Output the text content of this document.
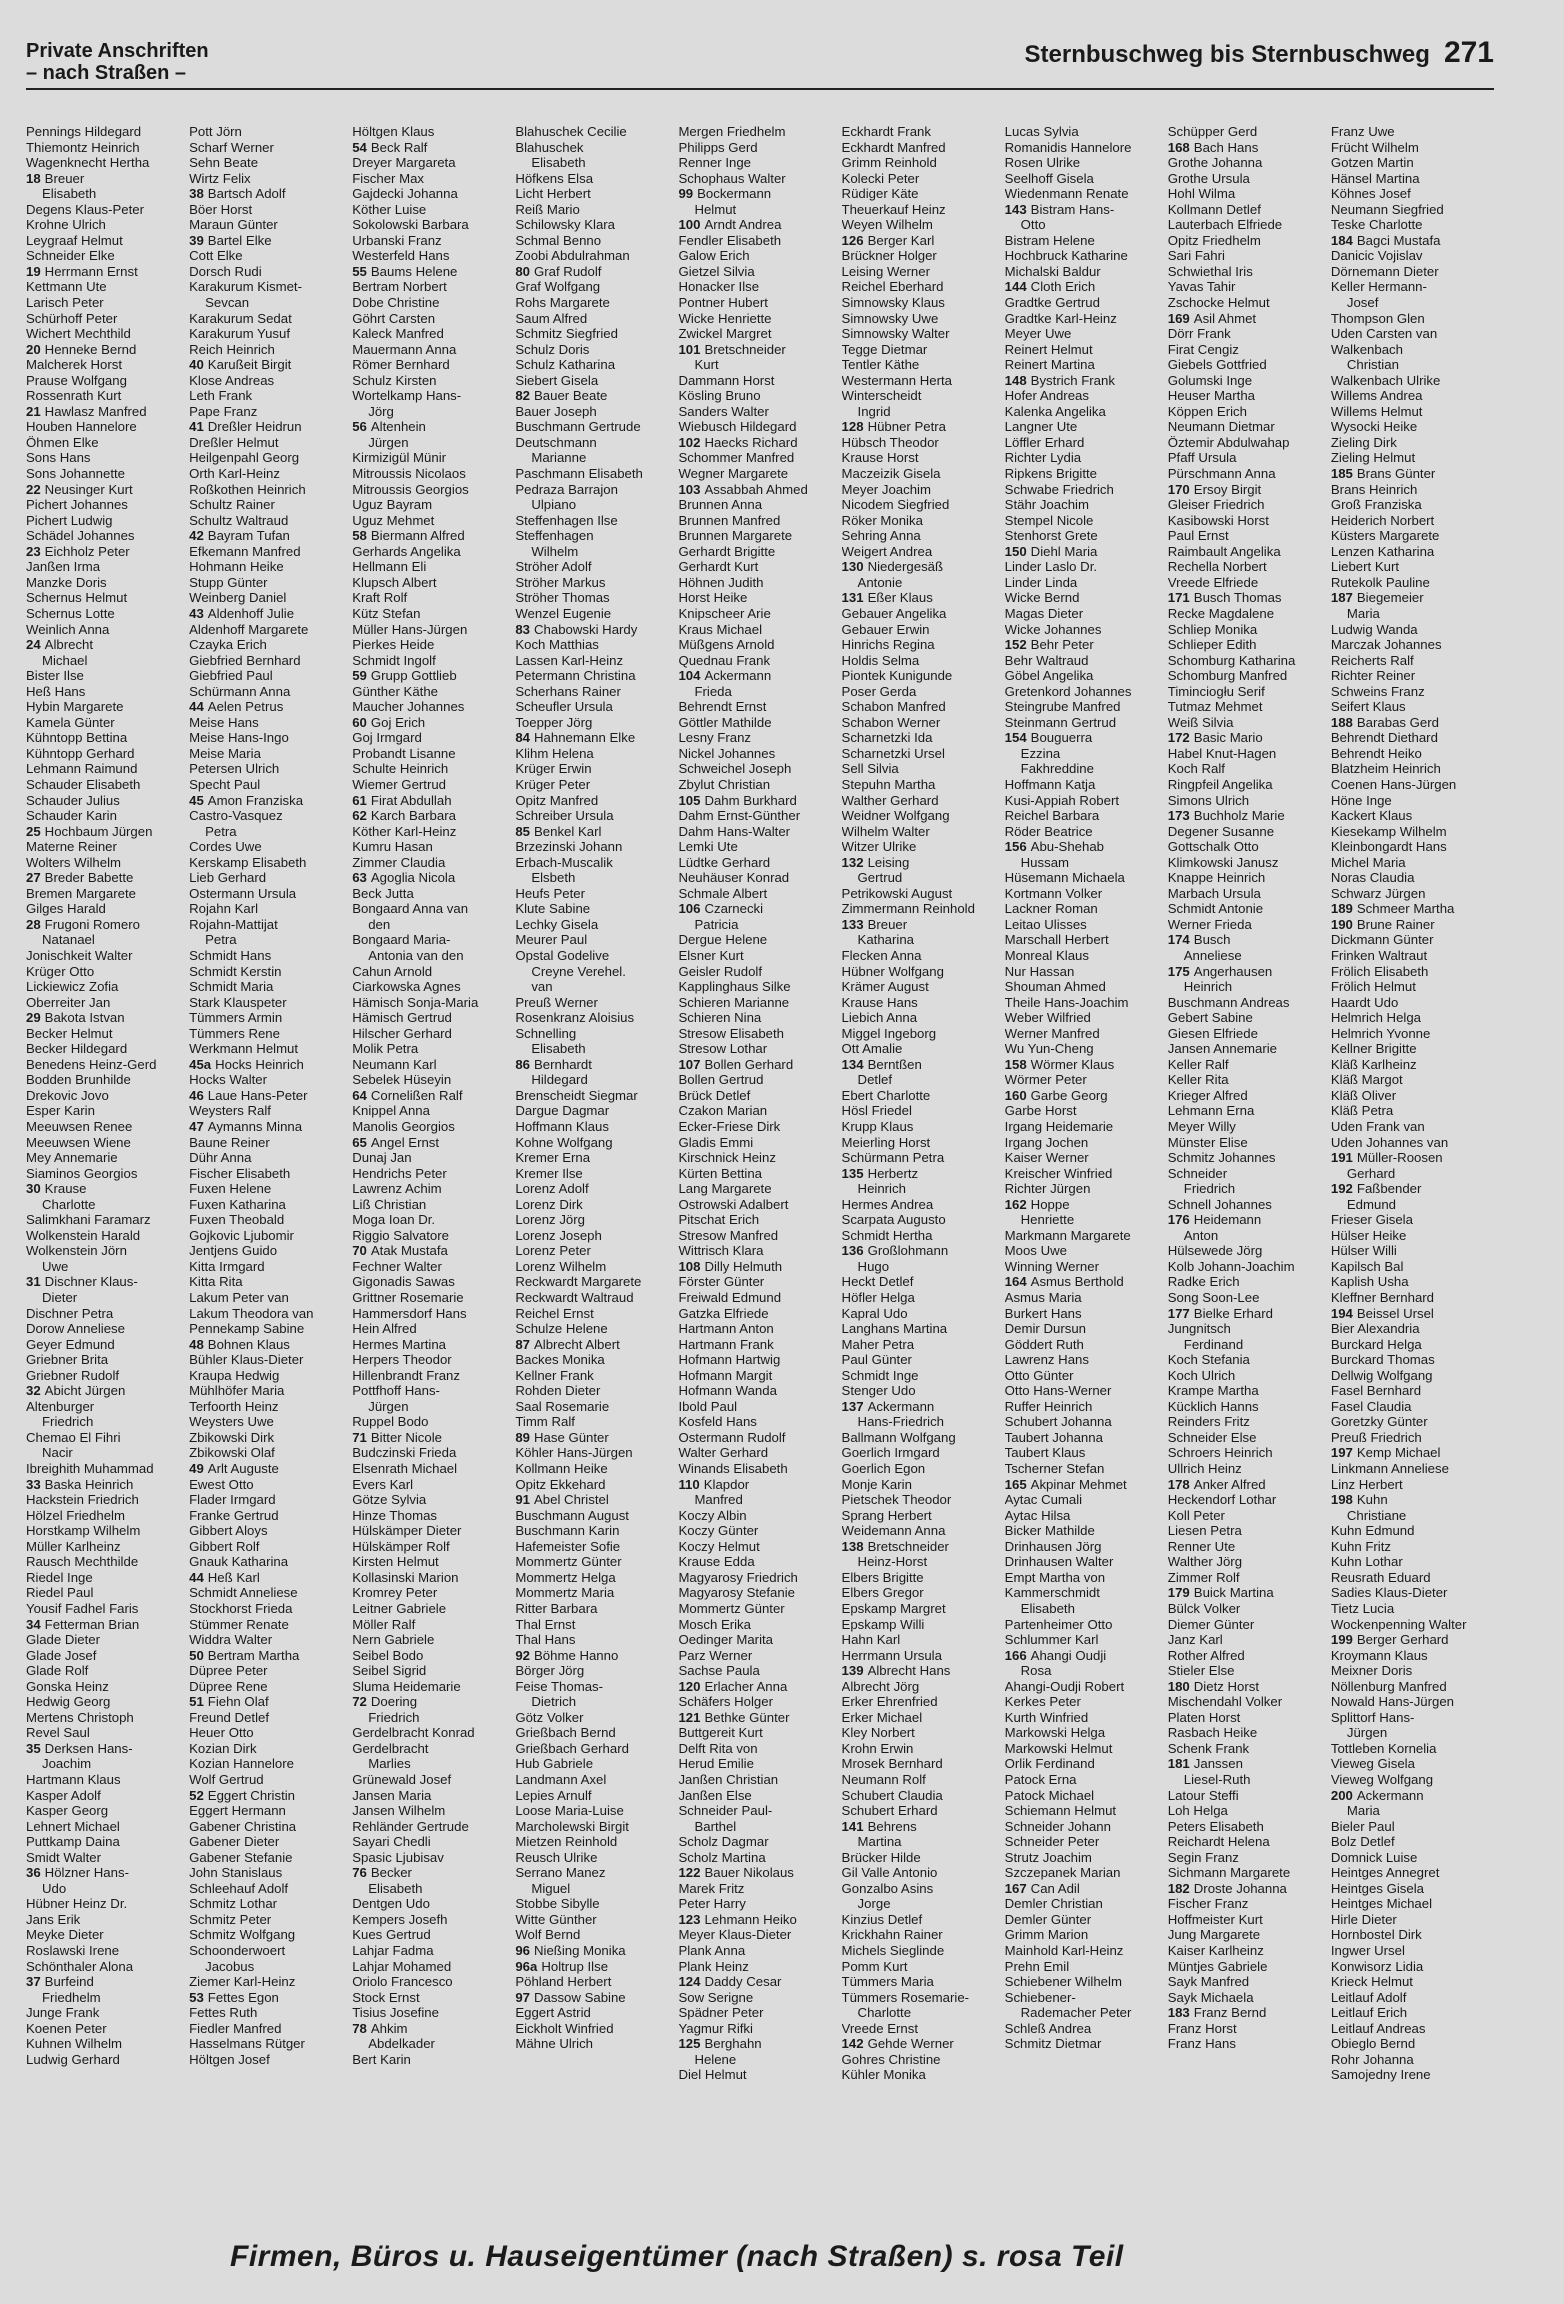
Private Anschriften
– nach Straßen –
Sternbuschweg bis Sternbuschweg 271
Pennings Hildegard
Thiemontz Heinrich
Wagenknecht Hertha
18 Breuer
Elisabeth
Degens Klaus-Peter
Krohne Ulrich
Leygraaf Helmut
Schneider Elke
19 Herrmann Ernst
Kettmann Ute
Larisch Peter
Schürhoff Peter
Wichert Mechthild
20 Henneke Bernd
Malcherek Horst
Prause Wolfgang
Rossenrath Kurt
21 Hawlasz Manfred
Houben Hannelore
Öhmen Elke
Sons Hans
Sons Johannette
22 Neusinger Kurt
Pichert Johannes
Pichert Ludwig
Schädel Johannes
23 Eichholz Peter
Janßen Irma
Manzke Doris
Schernus Helmut
Schernus Lotte
Weinlich Anna
24 Albrecht
Michael
Bister Ilse
Heß Hans
Hybin Margarete
Kamela Günter
Kühntopp Bettina
Kühntopp Gerhard
Lehmann Raimund
Schauder Elisabeth
Schauder Julius
Schauder Karin
25 Hochbaum Jürgen
Materne Reiner
Wolters Wilhelm
27 Breder Babette
Bremen Margarete
Gilges Harald
28 Frugoni Romero
Natanael
Jonischkeit Walter
Krüger Otto
Lickiewicz Zofia
Oberreiter Jan
29 Bakota Istvan
Becker Helmut
Becker Hildegard
Benedens Heinz-Gerd
Bodden Brunhilde
Drekovic Jovo
Esper Karin
Meeuwsen Renee
Meeuwsen Wiene
Mey Annemarie
Siaminos Georgios
30 Krause
Charlotte
Salimkhani Faramarz
Wolkenstein Harald
Wolkenstein Jörn
Uwe
31 Dischner Klaus-
Dieter
Dischner Petra
Dorow Anneliese
Geyer Edmund
Griebner Brita
Griebner Rudolf
32 Abicht Jürgen
Altenburger
Friedrich
Chemao El Fihri
Nacir
Ibreighith Muhammad
33 Baska Heinrich
Hackstein Friedrich
Hölzel Friedhelm
Horstkamp Wilhelm
Müller Karlheinz
Rausch Mechthilde
Riedel Inge
Riedel Paul
Yousif Fadhel Faris
34 Fetterman Brian
Glade Dieter
Glade Josef
Glade Rolf
Gonska Heinz
Hedwig Georg
Mertens Christoph
Revel Saul
35 Derksen Hans-
Joachim
Hartmann Klaus
Kasper Adolf
Kasper Georg
Lehnert Michael
Puttkamp Daina
Smidt Walter
36 Hölzner Hans-
Udo
Hübner Heinz Dr.
Jans Erik
Meyke Dieter
Roslawski Irene
Schönthaler Alona
37 Burfeind
Friedhelm
Junge Frank
Koenen Peter
Kuhnen Wilhelm
Ludwig Gerhard
Pott Jörn
Scharf Werner
Sehn Beate
Wirtz Felix
38 Bartsch Adolf
Böer Horst
Maraun Günter
39 Bartel Elke
Cott Elke
Dorsch Rudi
Karakurum Kismet-
Sevcan
Karakurum Sedat
Karakurum Yusuf
Reich Heinrich
40 Karußeit Birgit
Klose Andreas
Leth Frank
Pape Franz
41 Dreßler Heidrun
Dreßler Helmut
Heilgenpahl Georg
Orth Karl-Heinz
Roßkothen Heinrich
Schultz Rainer
Schultz Waltraud
42 Bayram Tufan
Efkemann Manfred
Hohmann Heike
Stupp Günter
Weinberg Daniel
43 Aldenhoff Julie
Aldenhoff Margarete
Czayka Erich
Giebfried Bernhard
Giebfried Paul
Schürmann Anna
44 Aelen Petrus
Meise Hans
Meise Hans-Ingo
Meise Maria
Petersen Ulrich
Specht Paul
45 Amon Franziska
Castro-Vasquez
Petra
Cordes Uwe
Kerskamp Elisabeth
Lieb Gerhard
Ostermann Ursula
Rojahn Karl
Rojahn-Mattijat
Petra
Schmidt Hans
Schmidt Kerstin
Schmidt Maria
Stark Klauspeter
Tümmers Armin
Tümmers Rene
Werkmann Helmut
45a Hocks Heinrich
Hocks Walter
46 Laue Hans-Peter
Weysters Ralf
47 Aymanns Minna
Baune Reiner
Dühr Anna
Fischer Elisabeth
Fuxen Helene
Fuxen Katharina
Fuxen Theobald
Gojkovic Ljubomir
Jentjens Guido
Kitta Irmgard
Kitta Rita
Lakum Peter van
Lakum Theodora van
Pennekamp Sabine
48 Bohnen Klaus
Bühler Klaus-Dieter
Kraupa Hedwig
Mühlhöfer Maria
Terfoorth Heinz
Weysters Uwe
Zbikowski Dirk
Zbikowski Olaf
49 Arlt Auguste
Ewest Otto
Flader Irmgard
Franke Gertrud
Gibbert Aloys
Gibbert Rolf
Gnauk Katharina
44 Heß Karl
Schmidt Anneliese
Stockhorst Frieda
Stümmer Renate
Widdra Walter
50 Bertram Martha
Düpree Peter
Düpree Rene
51 Fiehn Olaf
Freund Detlef
Heuer Otto
Kozian Dirk
Kozian Hannelore
Wolf Gertrud
52 Eggert Christin
Eggert Hermann
Gabener Christina
Gabener Dieter
Gabener Stefanie
John Stanislaus
Schleehauf Adolf
Schmitz Lothar
Schmitz Peter
Schmitz Wolfgang
Schoonderwoert
Jacobus
Ziemer Karl-Heinz
53 Fettes Egon
Fettes Ruth
Fiedler Manfred
Hasselmans Rütger
Höltgen Josef
Höltgen Klaus
54 Beck Ralf
Dreyer Margareta
Fischer Max
Gajdecki Johanna
Köther Luise
Sokolowski Barbara
Urbanski Franz
Westerfeld Hans
55 Baums Helene
Bertram Norbert
Dobe Christine
Göhrt Carsten
Kaleck Manfred
Mauermann Anna
Römer Bernhard
Schulz Kirsten
Wortelkamp Hans-
Jörg
56 Altenhein
Jürgen
Kirmizigül Münir
Mitroussis Nicolaos
Mitroussis Georgios
Uguz Bayram
Uguz Mehmet
58 Biermann Alfred
Gerhards Angelika
Hellmann Eli
Klupsch Albert
Kraft Rolf
Kütz Stefan
Müller Hans-Jürgen
Pierkes Heide
Schmidt Ingolf
59 Grupp Gottlieb
Günther Käthe
Maucher Johannes
60 Goj Erich
Goj Irmgard
Probandt Lisanne
Schulte Heinrich
Wiemer Gertrud
61 Firat Abdullah
62 Karch Barbara
Köther Karl-Heinz
Kumru Hasan
Zimmer Claudia
63 Agoglia Nicola
Beck Jutta
Bongaard Anna van
den
Bongaard Maria-
Antonia van den
Cahun Arnold
Ciarkowska Agnes
Hämisch Sonja-Maria
Hämisch Gertrud
Hilscher Gerhard
Molik Petra
Neumann Karl
Sebelek Hüseyin
64 Cornelißen Ralf
Knippel Anna
Manolis Georgios
65 Angel Ernst
Dunaj Jan
Hendrichs Peter
Lawrenz Achim
Liß Christian
Moga Ioan Dr.
Riggio Salvatore
70 Atak Mustafa
Fechner Walter
Gigonadis Sawas
Grittner Rosemarie
Hammersdorf Hans
Hein Alfred
Hermes Martina
Herpers Theodor
Hillenbrandt Franz
Pottfhoff Hans-
Jürgen
Ruppel Bodo
71 Bitter Nicole
Budczinski Frieda
Elsenrath Michael
Evers Karl
Götze Sylvia
Hinze Thomas
Hülskämper Dieter
Hülskämper Rolf
Kirsten Helmut
Kollasinski Marion
Kromrey Peter
Leitner Gabriele
Möller Ralf
Nern Gabriele
Seibel Bodo
Seibel Sigrid
Sluma Heidemarie
72 Doering
Friedrich
Gerdelbracht Konrad
Gerdelbracht
Marlies
Grünewald Josef
Jansen Maria
Jansen Wilhelm
Rehländer Gertrude
Sayari Chedli
Spasic Ljubisav
76 Becker
Elisabeth
Dentgen Udo
Kempers Josefh
Kues Gertrud
Lahjar Fadma
Lahjar Mohamed
Oriolo Francesco
Stock Ernst
Tisius Josefine
78 Ahkim
Abdelkader
Bert Karin
Blahuschek Cecilie
Blahuschek
Elisabeth
Höfkens Elsa
Licht Herbert
Reiß Mario
Schilowsky Klara
Schmal Benno
Zoobi Abdulrahman
80 Graf Rudolf
Graf Wolfgang
Rohs Margarete
Saum Alfred
Schmitz Siegfried
Schulz Doris
Schulz Katharina
Siebert Gisela
82 Bauer Beate
Bauer Joseph
Buschmann Gertrude
Deutschmann
Marianne
Paschmann Elisabeth
Pedraza Barrajon
Ulpiano
Steffenhagen Ilse
Steffenhagen
Wilhelm
Ströher Adolf
Ströher Markus
Ströher Thomas
Wenzel Eugenie
83 Chabowski Hardy
Koch Matthias
Lassen Karl-Heinz
Petermann Christina
Scherhans Rainer
Scheufler Ursula
Toepper Jörg
84 Hahnemann Elke
Klihm Helena
Krüger Erwin
Krüger Peter
Opitz Manfred
Schreiber Ursula
85 Benkel Karl
Brzezinski Johann
Erbach-Muscalik
Elsbeth
Heufs Peter
Klute Sabine
Lechky Gisela
Meurer Paul
Opstal Godelive
Creyne Verehel.
van
Preuß Werner
Rosenkranz Aloisius
Schnelling
Elisabeth
86 Bernhardt
Hildegard
Brenscheidt Siegmar
Dargue Dagmar
Hoffmann Klaus
Kohne Wolfgang
Kremer Erna
Kremer Ilse
Lorenz Adolf
Lorenz Dirk
Lorenz Jörg
Lorenz Joseph
Lorenz Peter
Lorenz Wilhelm
Reckwardt Margarete
Reckwardt Waltraud
Reichel Ernst
Schulze Helene
87 Albrecht Albert
Backes Monika
Kellner Frank
Rohden Dieter
Saal Rosemarie
Timm Ralf
89 Hase Günter
Köhler Hans-Jürgen
Kollmann Heike
Opitz Ekkehard
91 Abel Christel
Buschmann August
Buschmann Karin
Hafemeister Sofie
Mommertz Günter
Mommertz Helga
Mommertz Maria
Ritter Barbara
Thal Ernst
Thal Hans
92 Böhme Hanno
Börger Jörg
Feise Thomas-
Dietrich
Götz Volker
Grießbach Bernd
Grießbach Gerhard
Hub Gabriele
Landmann Axel
Lepies Arnulf
Loose Maria-Luise
Marcholewski Birgit
Mietzen Reinhold
Reusch Ulrike
Serrano Manez
Miguel
Stobbe Sibylle
Witte Günther
Wolf Bernd
96 Nießing Monika
96a Holtrup Ilse
Pöhland Herbert
97 Dassow Sabine
Eggert Astrid
Eickholt Winfried
Mähne Ulrich
Mergen Friedhelm
Philipps Gerd
Renner Inge
Schophaus Walter
99 Bockermann
Helmut
100 Arndt Andrea
Fendler Elisabeth
Galow Erich
Gietzel Silvia
Honacker Ilse
Pontner Hubert
Wicke Henriette
Zwickel Margret
101 Bretschneider
Kurt
Dammann Horst
Kösling Bruno
Sanders Walter
Wiebusch Hildegard
102 Haecks Richard
Schommer Manfred
Wegner Margarete
103 Assabbah Ahmed
Brunnen Anna
Brunnen Manfred
Brunnen Margarete
Gerhardt Brigitte
Gerhardt Kurt
Höhnen Judith
Horst Heike
Knipscheer Arie
Kraus Michael
Müßgens Arnold
Quednau Frank
104 Ackermann
Frieda
Behrendt Ernst
Göttler Mathilde
Lesny Franz
Nickel Johannes
Schweichel Joseph
Zbylut Christian
105 Dahm Burkhard
Dahm Ernst-Günther
Dahm Hans-Walter
Lemki Ute
Lüdtke Gerhard
Neuhäuser Konrad
Schmale Albert
106 Czarnecki
Patricia
Dergue Helene
Elsner Kurt
Geisler Rudolf
Kapplinghaus Silke
Schieren Marianne
Schieren Nina
Stresow Elisabeth
Stresow Lothar
107 Bollen Gerhard
Bollen Gertrud
Brück Detlef
Czakon Marian
Ecker-Friese Dirk
Gladis Emmi
Kirschnick Heinz
Kürten Bettina
Lang Margarete
Ostrowski Adalbert
Pitschat Erich
Stresow Manfred
Wittrisch Klara
108 Dilly Helmuth
Förster Günter
Freiwald Edmund
Gatzka Elfriede
Hartmann Anton
Hartmann Frank
Hofmann Hartwig
Hofmann Margit
Hofmann Wanda
Ibold Paul
Kosfeld Hans
Ostermann Rudolf
Walter Gerhard
Winands Elisabeth
110 Klapdor
Manfred
Koczy Albin
Koczy Günter
Koczy Helmut
Krause Edda
Magyarosy Friedrich
Magyarosy Stefanie
Mommertz Günter
Mosch Erika
Oedinger Marita
Parz Werner
Sachse Paula
120 Erlacher Anna
Schäfers Holger
121 Bethke Günter
Buttgereit Kurt
Delft Rita von
Herud Emilie
Janßen Christian
Janßen Else
Schneider Paul-
Barthel
Scholz Dagmar
Scholz Martina
122 Bauer Nikolaus
Marek Fritz
Peter Harry
123 Lehmann Heiko
Meyer Klaus-Dieter
Plank Anna
Plank Heinz
124 Daddy Cesar
Sow Serigne
Spädner Peter
Yagmur Rifki
125 Berghahn
Helene
Diel Helmut
Eckhardt Frank
Eckhardt Manfred
Grimm Reinhold
Kolecki Peter
Rüdiger Käte
Theuerkauf Heinz
Weyen Wilhelm
126 Berger Karl
Brückner Holger
Leising Werner
Reichel Eberhard
Simnowsky Klaus
Simnowsky Uwe
Simnowsky Walter
Tegge Dietmar
Tentler Käthe
Westermann Herta
Winterscheidt
Ingrid
128 Hübner Petra
Hübsch Theodor
Krause Horst
Maczeizik Gisela
Meyer Joachim
Nicodem Siegfried
Röker Monika
Sehring Anna
Weigert Andrea
130 Niedergesäß
Antonie
131 Eßer Klaus
Gebauer Angelika
Gebauer Erwin
Hinrichs Regina
Holdis Selma
Piontek Kunigunde
Poser Gerda
Schabon Manfred
Schabon Werner
Scharnetzki Ida
Scharnetzki Ursel
Sell Silvia
Stepuhn Martha
Walther Gerhard
Weidner Wolfgang
Wilhelm Walter
Witzer Ulrike
132 Leising
Gertrud
Petrikowski August
Zimmermann Reinhold
133 Breuer
Katharina
Flecken Anna
Hübner Wolfgang
Krämer August
Krause Hans
Liebich Anna
Miggel Ingeborg
Ott Amalie
134 Berntßen
Detlef
Ebert Charlotte
Hösl Friedel
Krupp Klaus
Meierling Horst
Schürmann Petra
135 Herbertz
Heinrich
Hermes Andrea
Scarpata Augusto
Schmidt Hertha
136 Großlohmann
Hugo
Heckt Detlef
Höfler Helga
Kapral Udo
Langhans Martina
Maher Petra
Paul Günter
Schmidt Inge
Stenger Udo
137 Ackermann
Hans-Friedrich
Ballmann Wolfgang
Goerlich Irmgard
Goerlich Egon
Monje Karin
Pietschek Theodor
Sprang Herbert
Weidemann Anna
138 Bretschneider
Heinz-Horst
Elbers Brigitte
Elbers Gregor
Epskamp Margret
Epskamp Willi
Hahn Karl
Herrmann Ursula
139 Albrecht Hans
Albrecht Jörg
Erker Ehrenfried
Erker Michael
Kley Norbert
Krohn Erwin
Mrosek Bernhard
Neumann Rolf
Schubert Claudia
Schubert Erhard
141 Behrens
Martina
Brücker Hilde
Gil Valle Antonio
Gonzalbo Asins
Jorge
Kinzius Detlef
Krickhahn Rainer
Michels Sieglinde
Pomm Kurt
Tümmers Maria
Tümmers Rosemarie-
Charlotte
Vreede Ernst
142 Gehde Werner
Gohres Christine
Kühler Monika
Lucas Sylvia
Romanidis Hannelore
Rosen Ulrike
Seelhoff Gisela
Wiedenmann Renate
143 Bistram Hans-
Otto
Bistram Helene
Hochbruck Katharine
Michalski Baldur
144 Cloth Erich
Gradtke Gertrud
Gradtke Karl-Heinz
Meyer Uwe
Reinert Helmut
Reinert Martina
148 Bystrich Frank
Hofer Andreas
Kalenka Angelika
Langner Ute
Löffler Erhard
Richter Lydia
Ripkens Brigitte
Schwabe Friedrich
Stähr Joachim
Stempel Nicole
Stenhorst Grete
150 Diehl Maria
Linder Laslo Dr.
Linder Linda
Wicke Bernd
Magas Dieter
Wicke Johannes
152 Behr Peter
Behr Waltraud
Göbel Angelika
Gretenkord Johannes
Steingrube Manfred
Steinmann Gertrud
154 Bouguerra
Ezzina
Fakhreddine
Hoffmann Katja
Kusi-Appiah Robert
Reichel Barbara
Röder Beatrice
156 Abu-Shehab
Hussam
Hüsemann Michaela
Kortmann Volker
Lackner Roman
Leitao Ulisses
Marschall Herbert
Monreal Klaus
Nur Hassan
Shouman Ahmed
Theile Hans-Joachim
Weber Wilfried
Werner Manfred
Wu Yun-Cheng
158 Wörmer Klaus
Wörmer Peter
160 Garbe Georg
Garbe Horst
Irgang Heidemarie
Irgang Jochen
Kaiser Werner
Kreischer Winfried
Richter Jürgen
162 Hoppe
Henriette
Markmann Margarete
Moos Uwe
Winning Werner
164 Asmus Berthold
Asmus Maria
Burkert Hans
Demir Dursun
Göddert Ruth
Lawrenz Hans
Otto Günter
Otto Hans-Werner
Ruffer Heinrich
Schubert Johanna
Taubert Johanna
Taubert Klaus
Tscherner Stefan
165 Akpinar Mehmet
Aytac Cumali
Aytac Hilsa
Bicker Mathilde
Drinhausen Jörg
Drinhausen Walter
Empt Martha von
Kammerschmidt
Elisabeth
Partenheimer Otto
Schlummer Karl
166 Ahangi Oudji
Rosa
Ahangi-Oudji Robert
Kerkes Peter
Kurth Winfried
Markowski Helga
Markowski Helmut
Orlik Ferdinand
Patock Erna
Patock Michael
Schiemann Helmut
Schneider Johann
Schneider Peter
Strutz Joachim
Szczepanek Marian
167 Can Adil
Demler Christian
Demler Günter
Grimm Marion
Mainhold Karl-Heinz
Prehn Emil
Schiebener Wilhelm
Schiebener-
Rademacher Peter
Schleß Andrea
Schmitz Dietmar
Schüpper Gerd
168 Bach Hans
Grothe Johanna
Grothe Ursula
Hohl Wilma
Kollmann Detlef
Lauterbach Elfriede
Opitz Friedhelm
Sari Fahri
Schwiethal Iris
Yavas Tahir
Zschocke Helmut
169 Asil Ahmet
Dörr Frank
Firat Cengiz
Giebels Gottfried
Golumski Inge
Heuser Martha
Köppen Erich
Neumann Dietmar
Öztemir Abdulwahap
Pfaff Ursula
Pürschmann Anna
170 Ersoy Birgit
Gleiser Friedrich
Kasibowski Horst
Paul Ernst
Raimbault Angelika
Rechella Norbert
Vreede Elfriede
171 Busch Thomas
Recke Magdalene
Schliep Monika
Schlieper Edith
Schomburg Katharina
Schomburg Manfred
Timinciogłu Serif
Tutmaz Mehmet
Weiß Silvia
172 Basic Mario
Habel Knut-Hagen
Koch Ralf
Ringpfeil Angelika
Simons Ulrich
173 Buchholz Marie
Degener Susanne
Gottschalk Otto
Klimkowski Janusz
Knappe Heinrich
Marbach Ursula
Schmidt Antonie
Werner Frieda
174 Busch
Anneliese
175 Angerhausen
Heinrich
Buschmann Andreas
Gebert Sabine
Giesen Elfriede
Jansen Annemarie
Keller Ralf
Keller Rita
Krieger Alfred
Lehmann Erna
Meyer Willy
Münster Elise
Schmitz Johannes
Schneider
Friedrich
Schnell Johannes
176 Heidemann
Anton
Hülsewede Jörg
Kolb Johann-Joachim
Radke Erich
Song Soon-Lee
177 Bielke Erhard
Jungnitsch
Ferdinand
Koch Stefania
Koch Ulrich
Krampe Martha
Kücklich Hanns
Reinders Fritz
Schneider Else
Schroers Heinrich
Ullrich Heinz
178 Anker Alfred
Heckendorf Lothar
Koll Peter
Liesen Petra
Renner Ute
Walther Jörg
Zimmer Rolf
179 Buick Martina
Bülck Volker
Diemer Günter
Janz Karl
Rother Alfred
Stieler Else
180 Dietz Horst
Mischendahl Volker
Platen Horst
Rasbach Heike
Schenk Frank
181 Janssen
Liesel-Ruth
Latour Steffi
Loh Helga
Peters Elisabeth
Reichardt Helena
Segin Franz
Sichmann Margarete
182 Droste Johanna
Fischer Franz
Hoffmeister Kurt
Jung Margarete
Kaiser Karlheinz
Müntjes Gabriele
Sayk Manfred
Sayk Michaela
183 Franz Bernd
Franz Horst
Franz Hans
Franz Uwe
Frücht Wilhelm
Gotzen Martin
Hänsel Martina
Köhnes Josef
Neumann Siegfried
Teske Charlotte
184 Bagci Mustafa
Danicic Vojislav
Dörnemann Dieter
Keller Hermann-
Josef
Thompson Glen
Uden Carsten van
Walkenbach
Christian
Walkenbach Ulrike
Willems Andrea
Willems Helmut
Wysocki Heike
Zieling Dirk
Zieling Helmut
185 Brans Günter
Brans Heinrich
Groß Franziska
Heiderich Norbert
Küsters Margarete
Lenzen Katharina
Liebert Kurt
Rutekolk Pauline
187 Biegemeier
Maria
Ludwig Wanda
Marczak Johannes
Reicherts Ralf
Richter Reiner
Schweins Franz
Seifert Klaus
188 Barabas Gerd
Behrendt Diethard
Behrendt Heiko
Blatzheim Heinrich
Coenen Hans-Jürgen
Höne Inge
Kackert Klaus
Kiesekamp Wilhelm
Kleinbongardt Hans
Michel Maria
Noras Claudia
Schwarz Jürgen
189 Schmeer Martha
190 Brune Rainer
Dickmann Günter
Frinken Waltraut
Frölich Elisabeth
Frölich Helmut
Haardt Udo
Helmrich Helga
Helmrich Yvonne
Kellner Brigitte
Kläß Karlheinz
Kläß Margot
Kläß Oliver
Kläß Petra
Uden Frank van
Uden Johannes van
191 Müller-Roosen
Gerhard
192 Faßbender
Edmund
Frieser Gisela
Hülser Heike
Hülser Willi
Kapilsch Bal
Kaplish Usha
Kleffner Bernhard
194 Beissel Ursel
Bier Alexandria
Burckard Helga
Burckard Thomas
Dellwig Wolfgang
Fasel Bernhard
Fasel Claudia
Goretzky Günter
Preuß Friedrich
197 Kemp Michael
Linkmann Anneliese
Linz Herbert
198 Kuhn
Christiane
Kuhn Edmund
Kuhn Fritz
Kuhn Lothar
Reusrath Eduard
Sadies Klaus-Dieter
Tietz Lucia
Wockenpenning Walter
199 Berger Gerhard
Kroymann Klaus
Meixner Doris
Nöllenburg Manfred
Nowald Hans-Jürgen
Splittorf Hans-
Jürgen
Tottleben Kornelia
Vieweg Gisela
Vieweg Wolfgang
200 Ackermann
Maria
Bieler Paul
Bolz Detlef
Domnick Luise
Heintges Annegret
Heintges Gisela
Heintges Michael
Hirle Dieter
Hornbostel Dirk
Ingwer Ursel
Konwisorz Lidia
Krieck Helmut
Leitlauf Adolf
Leitlauf Erich
Leitlauf Andreas
Obieglo Bernd
Rohr Johanna
Samojedny Irene
Firmen, Büros u. Hauseigentümer (nach Straßen) s. rosa Teil
